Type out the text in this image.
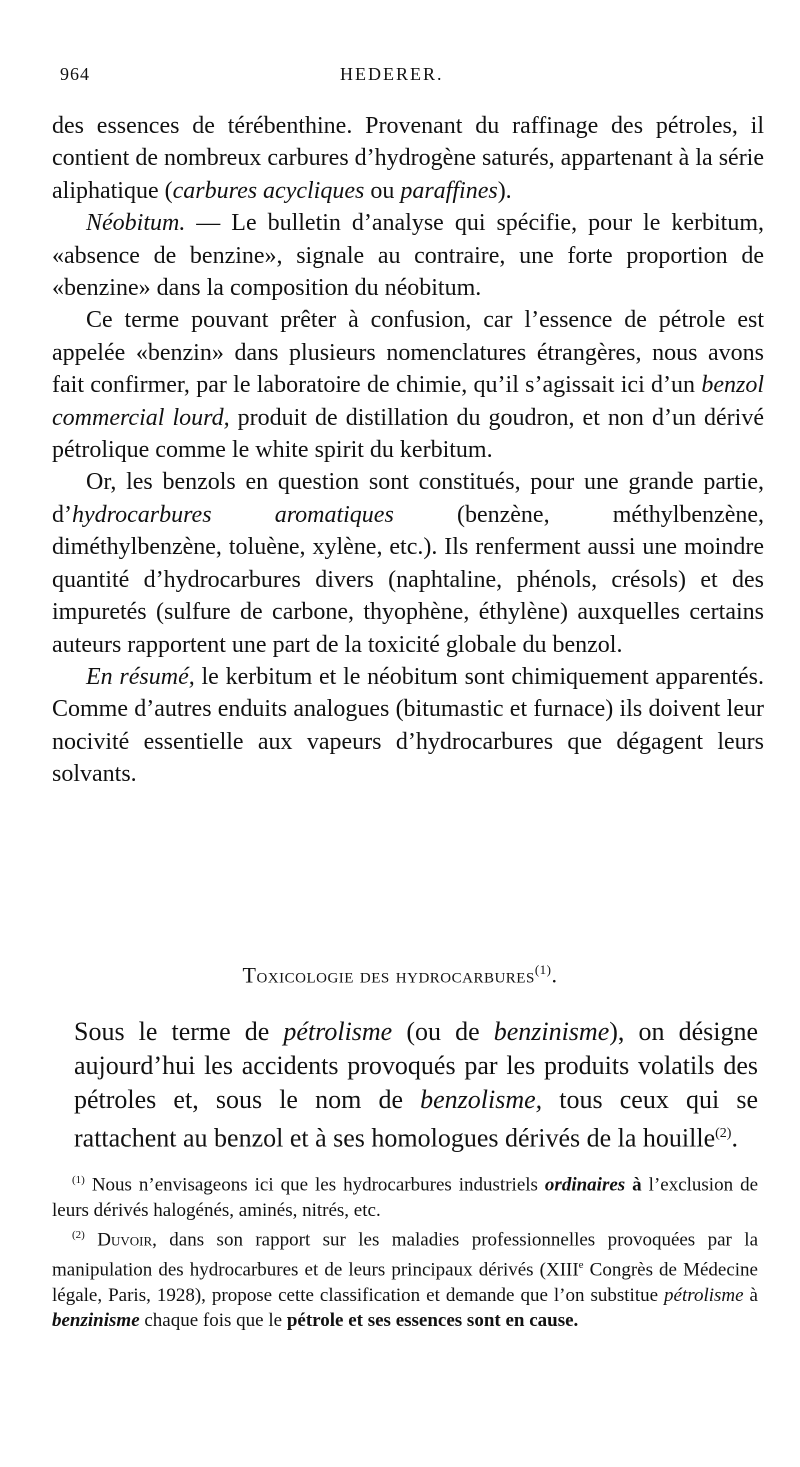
964	HEDERER.

des essences de térébenthine. Provenant du raffinage des pétroles, il contient de nombreux carbures d’hydrogène saturés, appartenant à la série aliphatique (carbures acycliques ou paraffines).

Néobitum. — Le bulletin d’analyse qui spécifie, pour le kerbitum, «absence de benzine», signale au contraire, une forte proportion de «benzine» dans la composition du néobitum.

Ce terme pouvant prêter à confusion, car l’essence de pétrole est appelée «benzin» dans plusieurs nomenclatures étrangères, nous avons fait confirmer, par le laboratoire de chimie, qu’il s’agissait ici d’un benzol commercial lourd, produit de distillation du goudron, et non d’un dérivé pétrolique comme le white spirit du kerbitum.

Or, les benzols en question sont constitués, pour une grande partie, d’hydrocarbures aromatiques (benzène, méthylbenzène, diméthylbenzène, toluène, xylène, etc.). Ils renferment aussi une moindre quantité d’hydrocarbures divers (naphtaline, phénols, crésols) et des impuretés (sulfure de carbone, thyophène, éthylène) auxquelles certains auteurs rapportent une part de la toxicité globale du benzol.

En résumé, le kerbitum et le néobitum sont chimiquement apparentés. Comme d’autres enduits analogues (bitumastic et furnace) ils doivent leur nocivité essentielle aux vapeurs d’hydrocarbures que dégagent leurs solvants.

Toxicologie des hydrocarbures$^{(1)}$.

Sous le terme de pétrolisme (ou de benzinisme), on désigne aujourd’hui les accidents provoqués par les produits volatils des pétroles et, sous le nom de benzolisme, tous ceux qui se rattachent au benzol et à ses homologues dérivés de la houille$^{(2)}$.

$^{(1)}$ Nous n’envisageons ici que les hydrocarbures industriels ordinaires à l’exclusion de leurs dérivés halogénés, aminés, nitrés, etc.

$^{(2)}$ Duvoir, dans son rapport sur les maladies professionnelles provoquées par la manipulation des hydrocarbures et de leurs principaux dérivés (XIIIe Congrès de Médecine légale, Paris, 1928), propose cette classification et demande que l’on substitue pétrolisme à benzinisme chaque fois que le pétrole et ses essences sont en cause.
